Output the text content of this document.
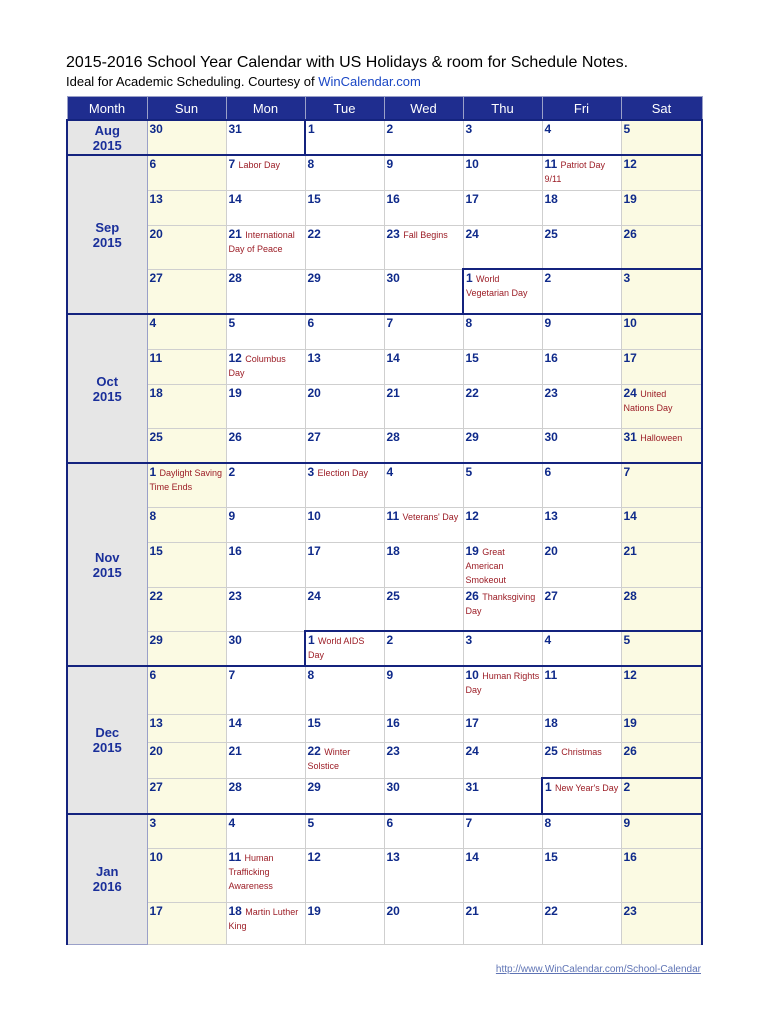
2015-2016 School Year Calendar with US Holidays & room for Schedule Notes.
Ideal for Academic Scheduling. Courtesy of WinCalendar.com
Month	Sun	Mon	Tue	Wed	Thu	Fri	Sat
Aug
2015	30	31	1	2	3	4	5
Sep
2015	6	7 Labor Day	8	9	10	11 Patriot Day 9/11	12
	13	14	15	16	17	18	19
	20	21 International Day of Peace	22	23 Fall Begins	24	25	26
	27	28	29	30	1 World Vegetarian Day	2	3
Oct
2015	4	5	6	7	8	9	10
	11	12 Columbus Day	13	14	15	16	17
	18	19	20	21	22	23	24 United Nations Day
	25	26	27	28	29	30	31 Halloween
Nov
2015	1 Daylight Saving Time Ends	2	3 Election Day	4	5	6	7
	8	9	10	11 Veterans' Day	12	13	14
	15	16	17	18	19 Great American Smokeout	20	21
	22	23	24	25	26 Thanksgiving Day	27	28
	29	30	1 World AIDS Day	2	3	4	5
Dec
2015	6	7	8	9	10 Human Rights Day	11	12
	13	14	15	16	17	18	19
	20	21	22 Winter Solstice	23	24	25 Christmas	26
	27	28	29	30	31	1 New Year's Day	2
Jan
2016	3	4	5	6	7	8	9
	10	11 Human Trafficking Awareness	12	13	14	15	16
	17	18 Martin Luther King	19	20	21	22	23
http://www.WinCalendar.com/School-Calendar
